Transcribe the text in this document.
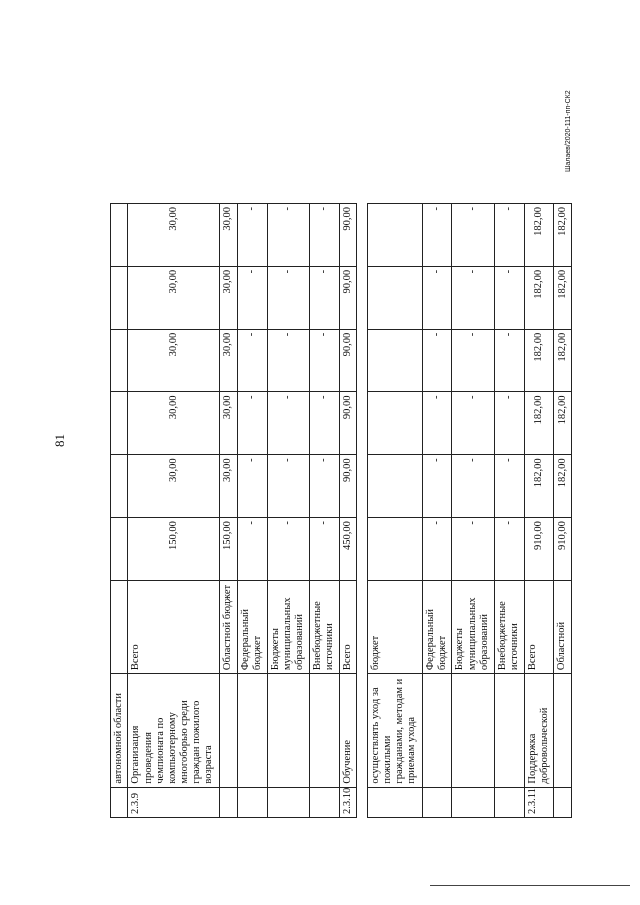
81
Шалаев/2020-111-пп-СК2
	автономной области							
2.3.9	Организация проведения чемпионата по компьютерному многоборью среди граждан пожилого возраста	Всего	150,00	30,00	30,00	30,00	30,00	30,00
		Областной бюджет	150,00	30,00	30,00	30,00	30,00	30,00
		Федеральный бюджет	-	-	-	-	-	-
		Бюджеты муниципальных образований	-	-	-	-	-	-
		Внебюджетные источники	-	-	-	-	-	-
2.3.10	Обучение	Всего	450,00	90,00	90,00	90,00	90,00	90,00

	осуществлять уход за пожилыми гражданами, методам и приемам ухода	бюджет						
		Федеральный бюджет	-	-	-	-	-	-
		Бюджеты муниципальных образований	-	-	-	-	-	-
		Внебюджетные источники	-	-	-	-	-	-
2.3.11	Поддержка добровольческой	Всего	910,00	182,00	182,00	182,00	182,00	182,00
		Областной	910,00	182,00	182,00	182,00	182,00	182,00
